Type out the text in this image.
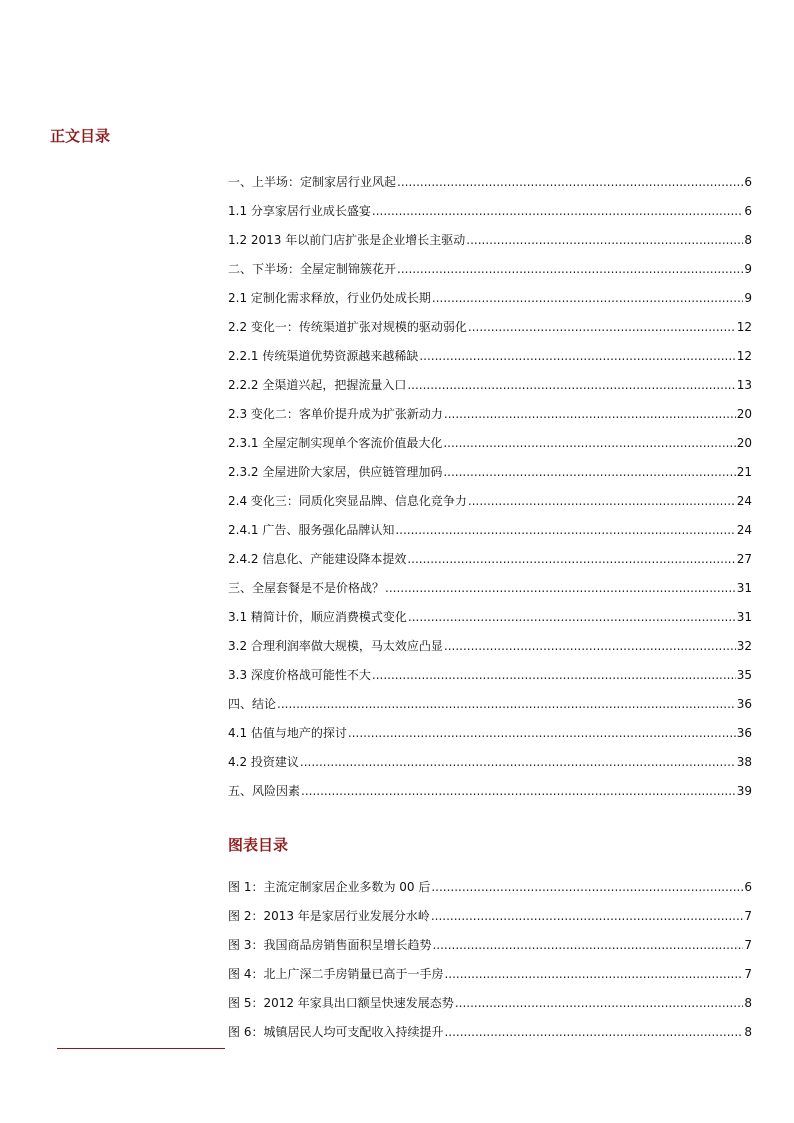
正文目录
一、上半场：定制家居行业风起 .....	6
1.1 分享家居行业成长盛宴 .....	6
1.2 2013 年以前门店扩张是企业增长主驱动 .....	8
二、下半场：全屋定制锦簇花开 .....	9
2.1 定制化需求释放，行业仍处成长期 .....	9
2.2 变化一：传统渠道扩张对规模的驱动弱化 .....	12
2.2.1 传统渠道优势资源越来越稀缺 .....	12
2.2.2 全渠道兴起，把握流量入口 .....	13
2.3 变化二：客单价提升成为扩张新动力 .....	20
2.3.1 全屋定制实现单个客流价值最大化 .....	20
2.3.2 全屋进阶大家居，供应链管理加码 .....	21
2.4 变化三：同质化突显品牌、信息化竞争力 .....	24
2.4.1 广告、服务强化品牌认知 .....	24
2.4.2 信息化、产能建设降本提效 .....	27
三、全屋套餐是不是价格战？ .....	31
3.1 精简计价，顺应消费模式变化 .....	31
3.2 合理利润率做大规模，马太效应凸显 .....	32
3.3 深度价格战可能性不大 .....	35
四、结论 .....	36
4.1 估值与地产的探讨 .....	36
4.2 投资建议 .....	38
五、风险因素 .....	39
图表目录
图 1：主流定制家居企业多数为 00 后 .....	6
图 2：2013 年是家居行业发展分水岭 .....	7
图 3：我国商品房销售面积呈增长趋势 .....	7
图 4：北上广深二手房销量已高于一手房 .....	7
图 5：2012 年家具出口额呈快速发展态势 .....	8
图 6：城镇居民人均可支配收入持续提升 .....	8
